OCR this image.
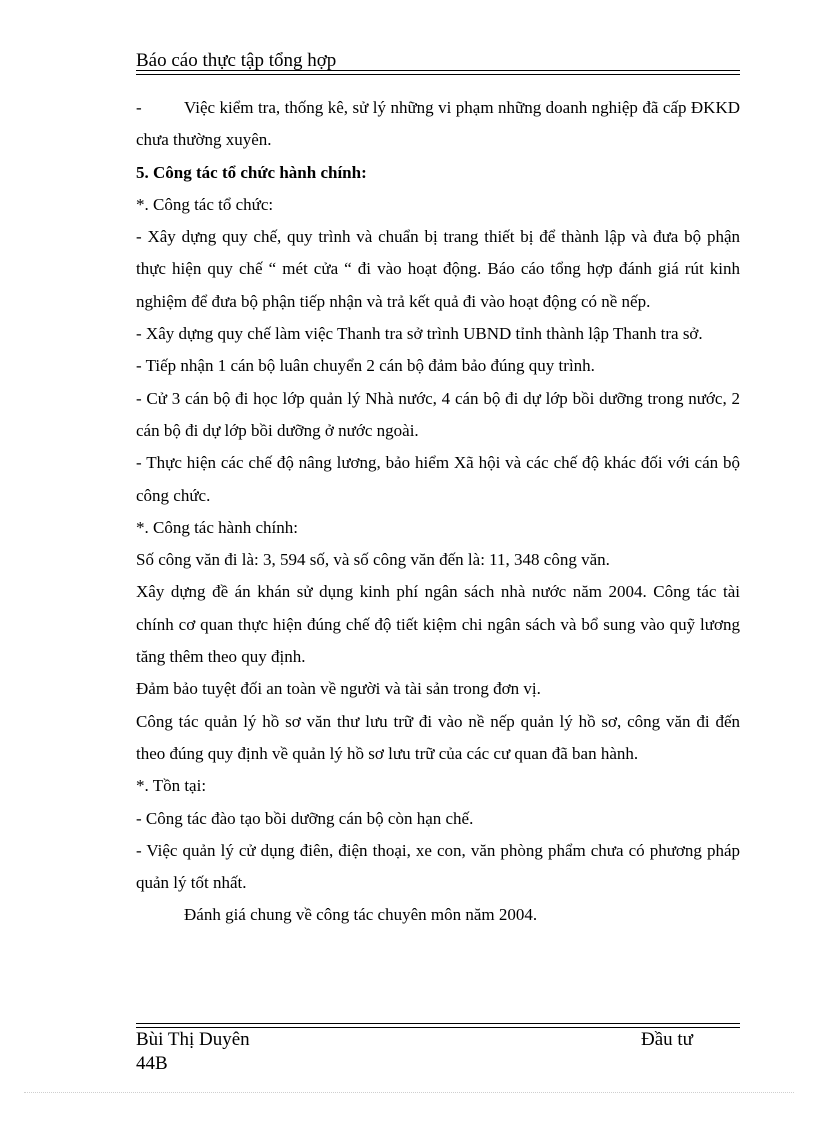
Báo cáo thực tập tổng hợp

- Việc kiểm tra, thống kê, sử lý những vi phạm những doanh nghiệp đã cấp ĐKKD chưa thường xuyên.

5. Công tác tổ chức hành chính:

*. Công tác tổ chức:

- Xây dựng quy chế, quy trình và chuẩn bị trang thiết bị để thành lập và đưa bộ phận thực hiện quy chế “ mét cửa “ đi vào hoạt động. Báo cáo tổng hợp đánh giá rút kinh nghiệm để đưa bộ phận tiếp nhận và trả kết quả đi vào hoạt động có nề nếp.

- Xây dựng quy chế làm việc Thanh tra sở trình UBND tỉnh thành lập Thanh tra sở.

- Tiếp nhận 1 cán bộ luân chuyển 2 cán bộ đảm bảo đúng quy trình.

- Cử 3 cán bộ đi học lớp quản lý Nhà nước, 4 cán bộ đi dự lớp bồi dưỡng trong nước, 2 cán bộ đi dự lớp bồi dưỡng ở nước ngoài.

- Thực hiện các chế độ nâng lương, bảo hiểm Xã hội và các chế độ khác đối với cán bộ công chức.

*. Công tác hành chính:

Số công văn đi là: 3, 594 số, và số công văn đến là: 11, 348 công văn.

Xây dựng đề án khán sử dụng kinh phí ngân sách nhà nước năm 2004. Công tác tài chính cơ quan thực hiện đúng chế độ tiết kiệm chi ngân sách và bổ sung vào quỹ lương tăng thêm theo quy định.

Đảm bảo tuyệt đối an toàn về người và tài sản trong đơn vị.

Công tác quản lý hồ sơ văn thư lưu trữ đi vào nề nếp quản lý hồ sơ, công văn đi đến theo đúng quy định về quản lý hồ sơ lưu trữ của các cư quan đã ban hành.

*. Tồn tại:

- Công tác đào tạo bồi dưỡng cán bộ còn hạn chế.

- Việc quản lý cử dụng điên, điện thoại, xe con, văn phòng phẩm chưa có phương pháp quản lý tốt nhất.

Đánh giá chung về công tác chuyên môn năm 2004.

Bùi Thị Duyên	Đầu tư
44B
